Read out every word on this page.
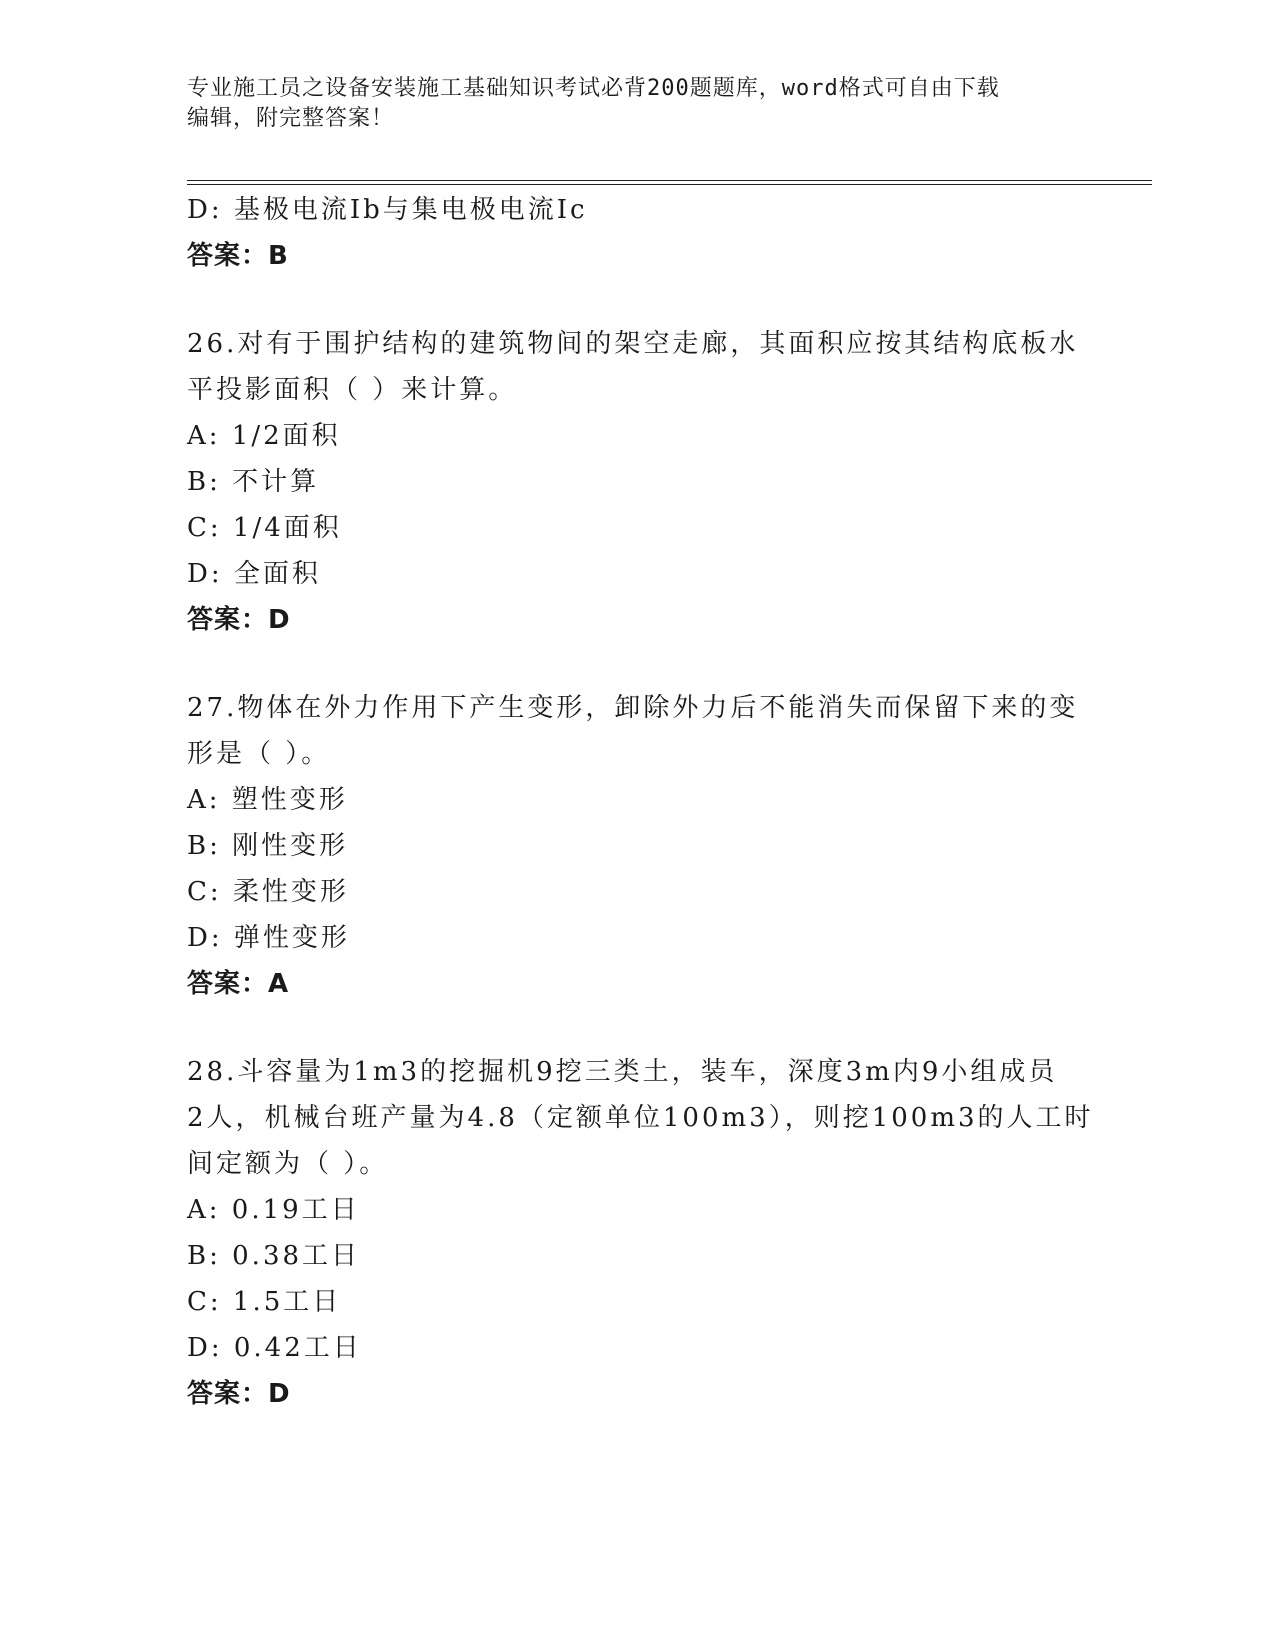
专业施工员之设备安装施工基础知识考试必背200题题库，word格式可自由下载
编辑，附完整答案！
D: 基极电流Ib与集电极电流Ic
答案：B
26.对有于围护结构的建筑物间的架空走廊，其面积应按其结构底板水
平投影面积（ ）来计算。
A: 1/2面积
B: 不计算
C: 1/4面积
D: 全面积
答案：D
27.物体在外力作用下产生变形，卸除外力后不能消失而保留下来的变
形是（ ）。
A: 塑性变形
B: 刚性变形
C: 柔性变形
D: 弹性变形
答案：A
28.斗容量为1m3的挖掘机9挖三类土，装车，深度3m内9小组成员
2人，机械台班产量为4.8（定额单位100m3），则挖100m3的人工时
间定额为（ ）。
A: 0.19工日
B: 0.38工日
C: 1.5工日
D: 0.42工日
答案：D
